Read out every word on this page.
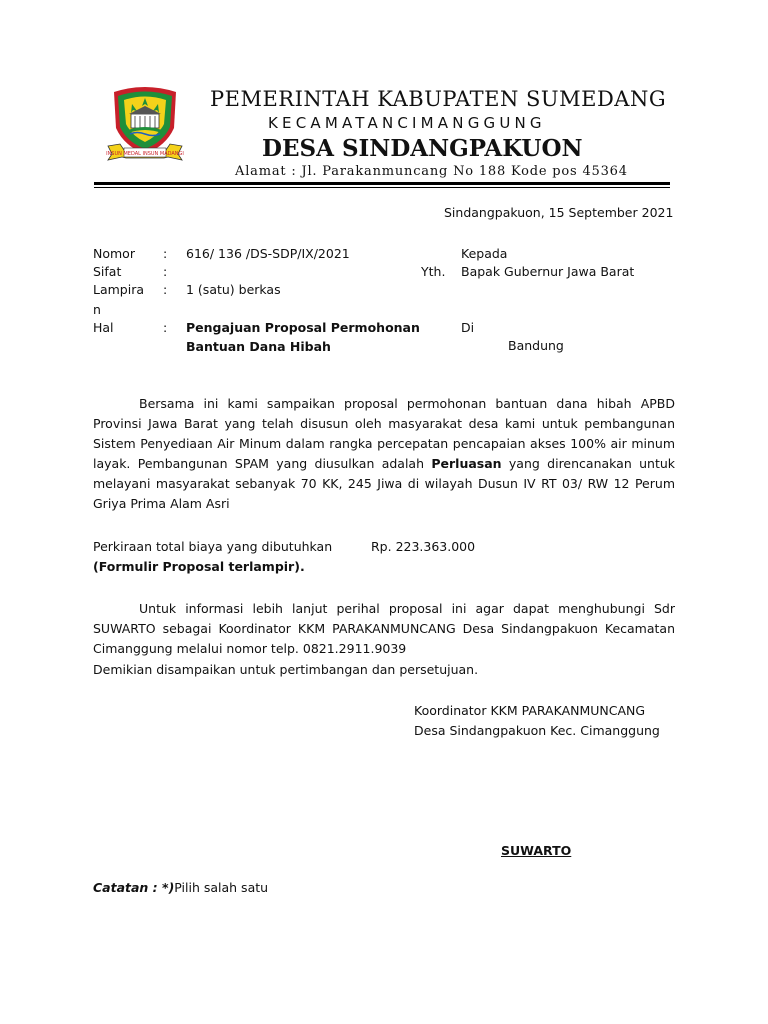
INSUN MEDAL INSUN MADANGI
PEMERINTAH KABUPATEN SUMEDANG
KECAMATANCIMANGGUNG
DESA SINDANGPAKUON
Alamat : Jl. Parakanmuncang No 188 Kode pos 45364
Sindangpakuon, 15 September 2021
Nomor : 616/ 136 /DS-SDP/IX/2021
Sifat	:
Lampira : 1 (satu) berkas
n
Hal	: Pengajuan Proposal Permohonan
Bantuan Dana Hibah
Kepada
Yth. Bapak Gubernur Jawa Barat
Di
Bandung
Bersama ini kami sampaikan proposal permohonan bantuan dana hibah APBD Provinsi Jawa Barat yang telah disusun oleh masyarakat desa kami untuk pembangunan Sistem Penyediaan Air Minum dalam rangka percepatan pencapaian akses 100% air minum layak. Pembangunan SPAM yang diusulkan adalah Perluasan yang direncanakan untuk melayani masyarakat sebanyak 70 KK, 245 Jiwa di wilayah Dusun IV RT 03/ RW 12 Perum Griya Prima Alam Asri
Perkiraan total biaya yang dibutuhkan	Rp. 223.363.000
(Formulir Proposal terlampir).
Untuk informasi lebih lanjut perihal proposal ini agar dapat menghubungi Sdr SUWARTO sebagai Koordinator KKM PARAKANMUNCANG Desa Sindangpakuon Kecamatan Cimanggung melalui nomor telp. 0821.2911.9039
Demikian disampaikan untuk pertimbangan dan persetujuan.
Koordinator KKM PARAKANMUNCANG
Desa Sindangpakuon Kec. Cimanggung
SUWARTO
Catatan : *)Pilih salah satu
